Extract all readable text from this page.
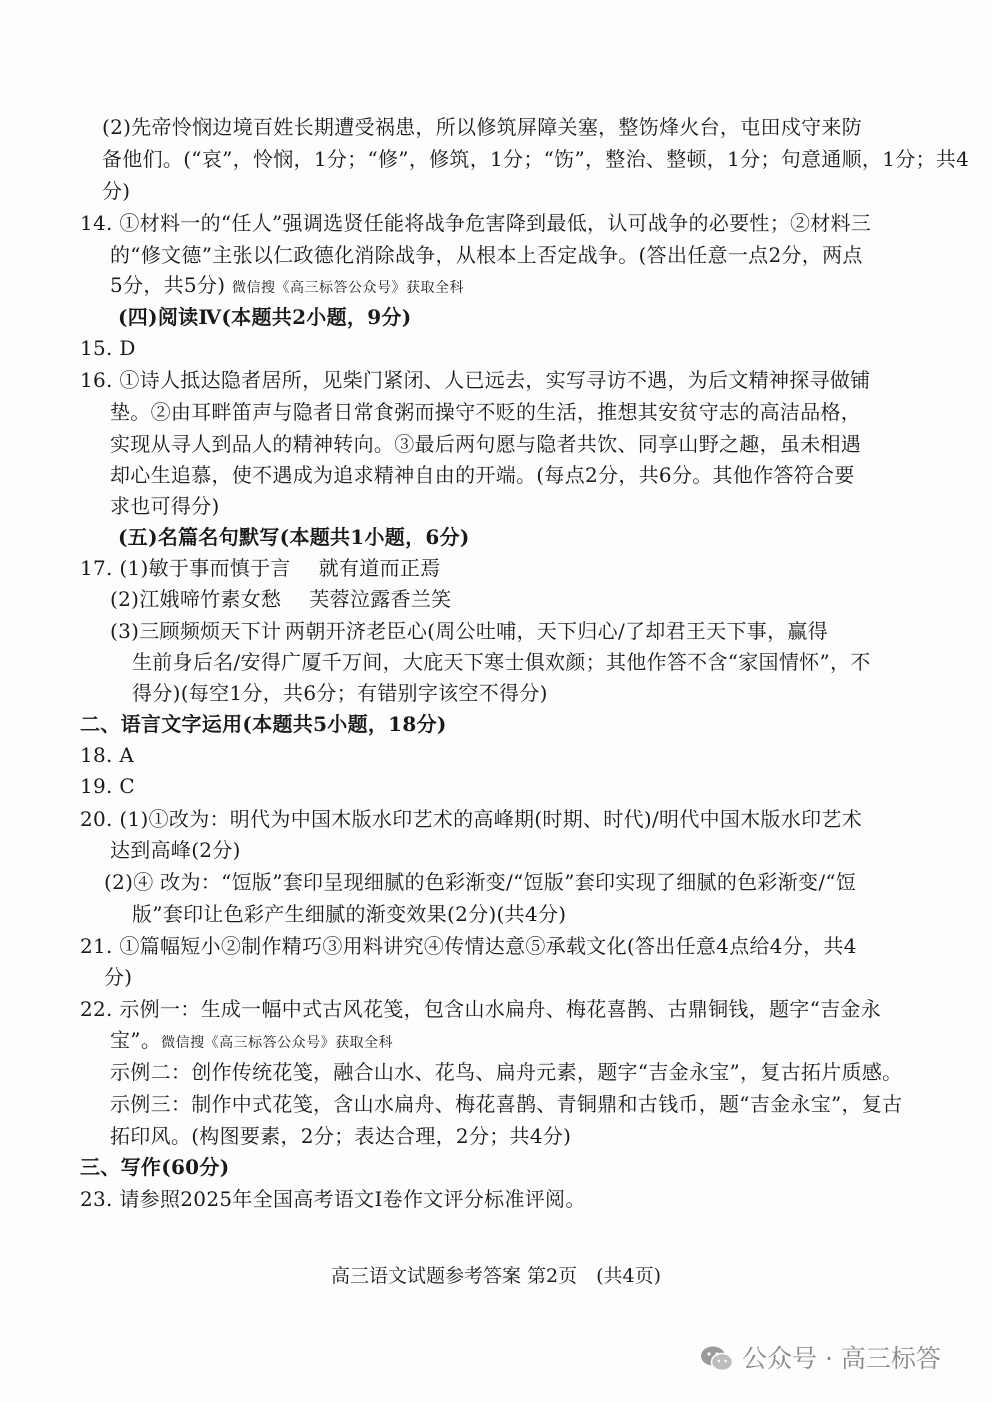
(2)先帝怜悯边境百姓长期遭受祸患，所以修筑屏障关塞，整饬烽火台，屯田戍守来防
备他们。(“哀”，怜悯，1分；“修”，修筑，1分；“饬”，整治、整顿，1分；句意通顺，1分；共4
分)
14. ①材料一的“任人”强调选贤任能将战争危害降到最低，认可战争的必要性；②材料三
的“修文德”主张以仁政德化消除战争，从根本上否定战争。(答出任意一点2分，两点
5分，共5分) 微信搜《高三标答公众号》获取全科
(四)阅读Ⅳ(本题共2小题，9分)
15. D
16. ①诗人抵达隐者居所，见柴门紧闭、人已远去，实写寻访不遇，为后文精神探寻做铺
垫。②由耳畔笛声与隐者日常食粥而操守不贬的生活，推想其安贫守志的高洁品格，
实现从寻人到品人的精神转向。③最后两句愿与隐者共饮、同享山野之趣，虽未相遇
却心生追慕，使不遇成为追求精神自由的开端。(每点2分，共6分。其他作答符合要
求也可得分)
(五)名篇名句默写(本题共1小题，6分)
17. (1)敏于事而慎于言 就有道而正焉
(2)江娥啼竹素女愁 芙蓉泣露香兰笑
(3)三顾频烦天下计 两朝开济老臣心(周公吐哺，天下归心/了却君王天下事，赢得
生前身后名/安得广厦千万间，大庇天下寒士俱欢颜；其他作答不含“家国情怀”，不
得分)(每空1分，共6分；有错别字该空不得分)
二、语言文字运用(本题共5小题，18分)
18. A
19. C
20. (1)①改为：明代为中国木版水印艺术的高峰期(时期、时代)/明代中国木版水印艺术
达到高峰(2分)
(2)④ 改为：“饾版”套印呈现细腻的色彩渐变/“饾版”套印实现了细腻的色彩渐变/“饾
版”套印让色彩产生细腻的渐变效果(2分)(共4分)
21. ①篇幅短小②制作精巧③用料讲究④传情达意⑤承载文化(答出任意4点给4分，共4
分)
22. 示例一：生成一幅中式古风花笺，包含山水扁舟、梅花喜鹊、古鼎铜钱，题字“吉金永
宝”。微信搜《高三标答公众号》获取全科
示例二：创作传统花笺，融合山水、花鸟、扁舟元素，题字“吉金永宝”，复古拓片质感。
示例三：制作中式花笺，含山水扁舟、梅花喜鹊、青铜鼎和古钱币，题“吉金永宝”，复古
拓印风。(构图要素，2分；表达合理，2分；共4分)
三、写作(60分)
23. 请参照2025年全国高考语文Ⅰ卷作文评分标准评阅。
高三语文试题参考答案 第2页　(共4页)
公众号 · 高三标答
